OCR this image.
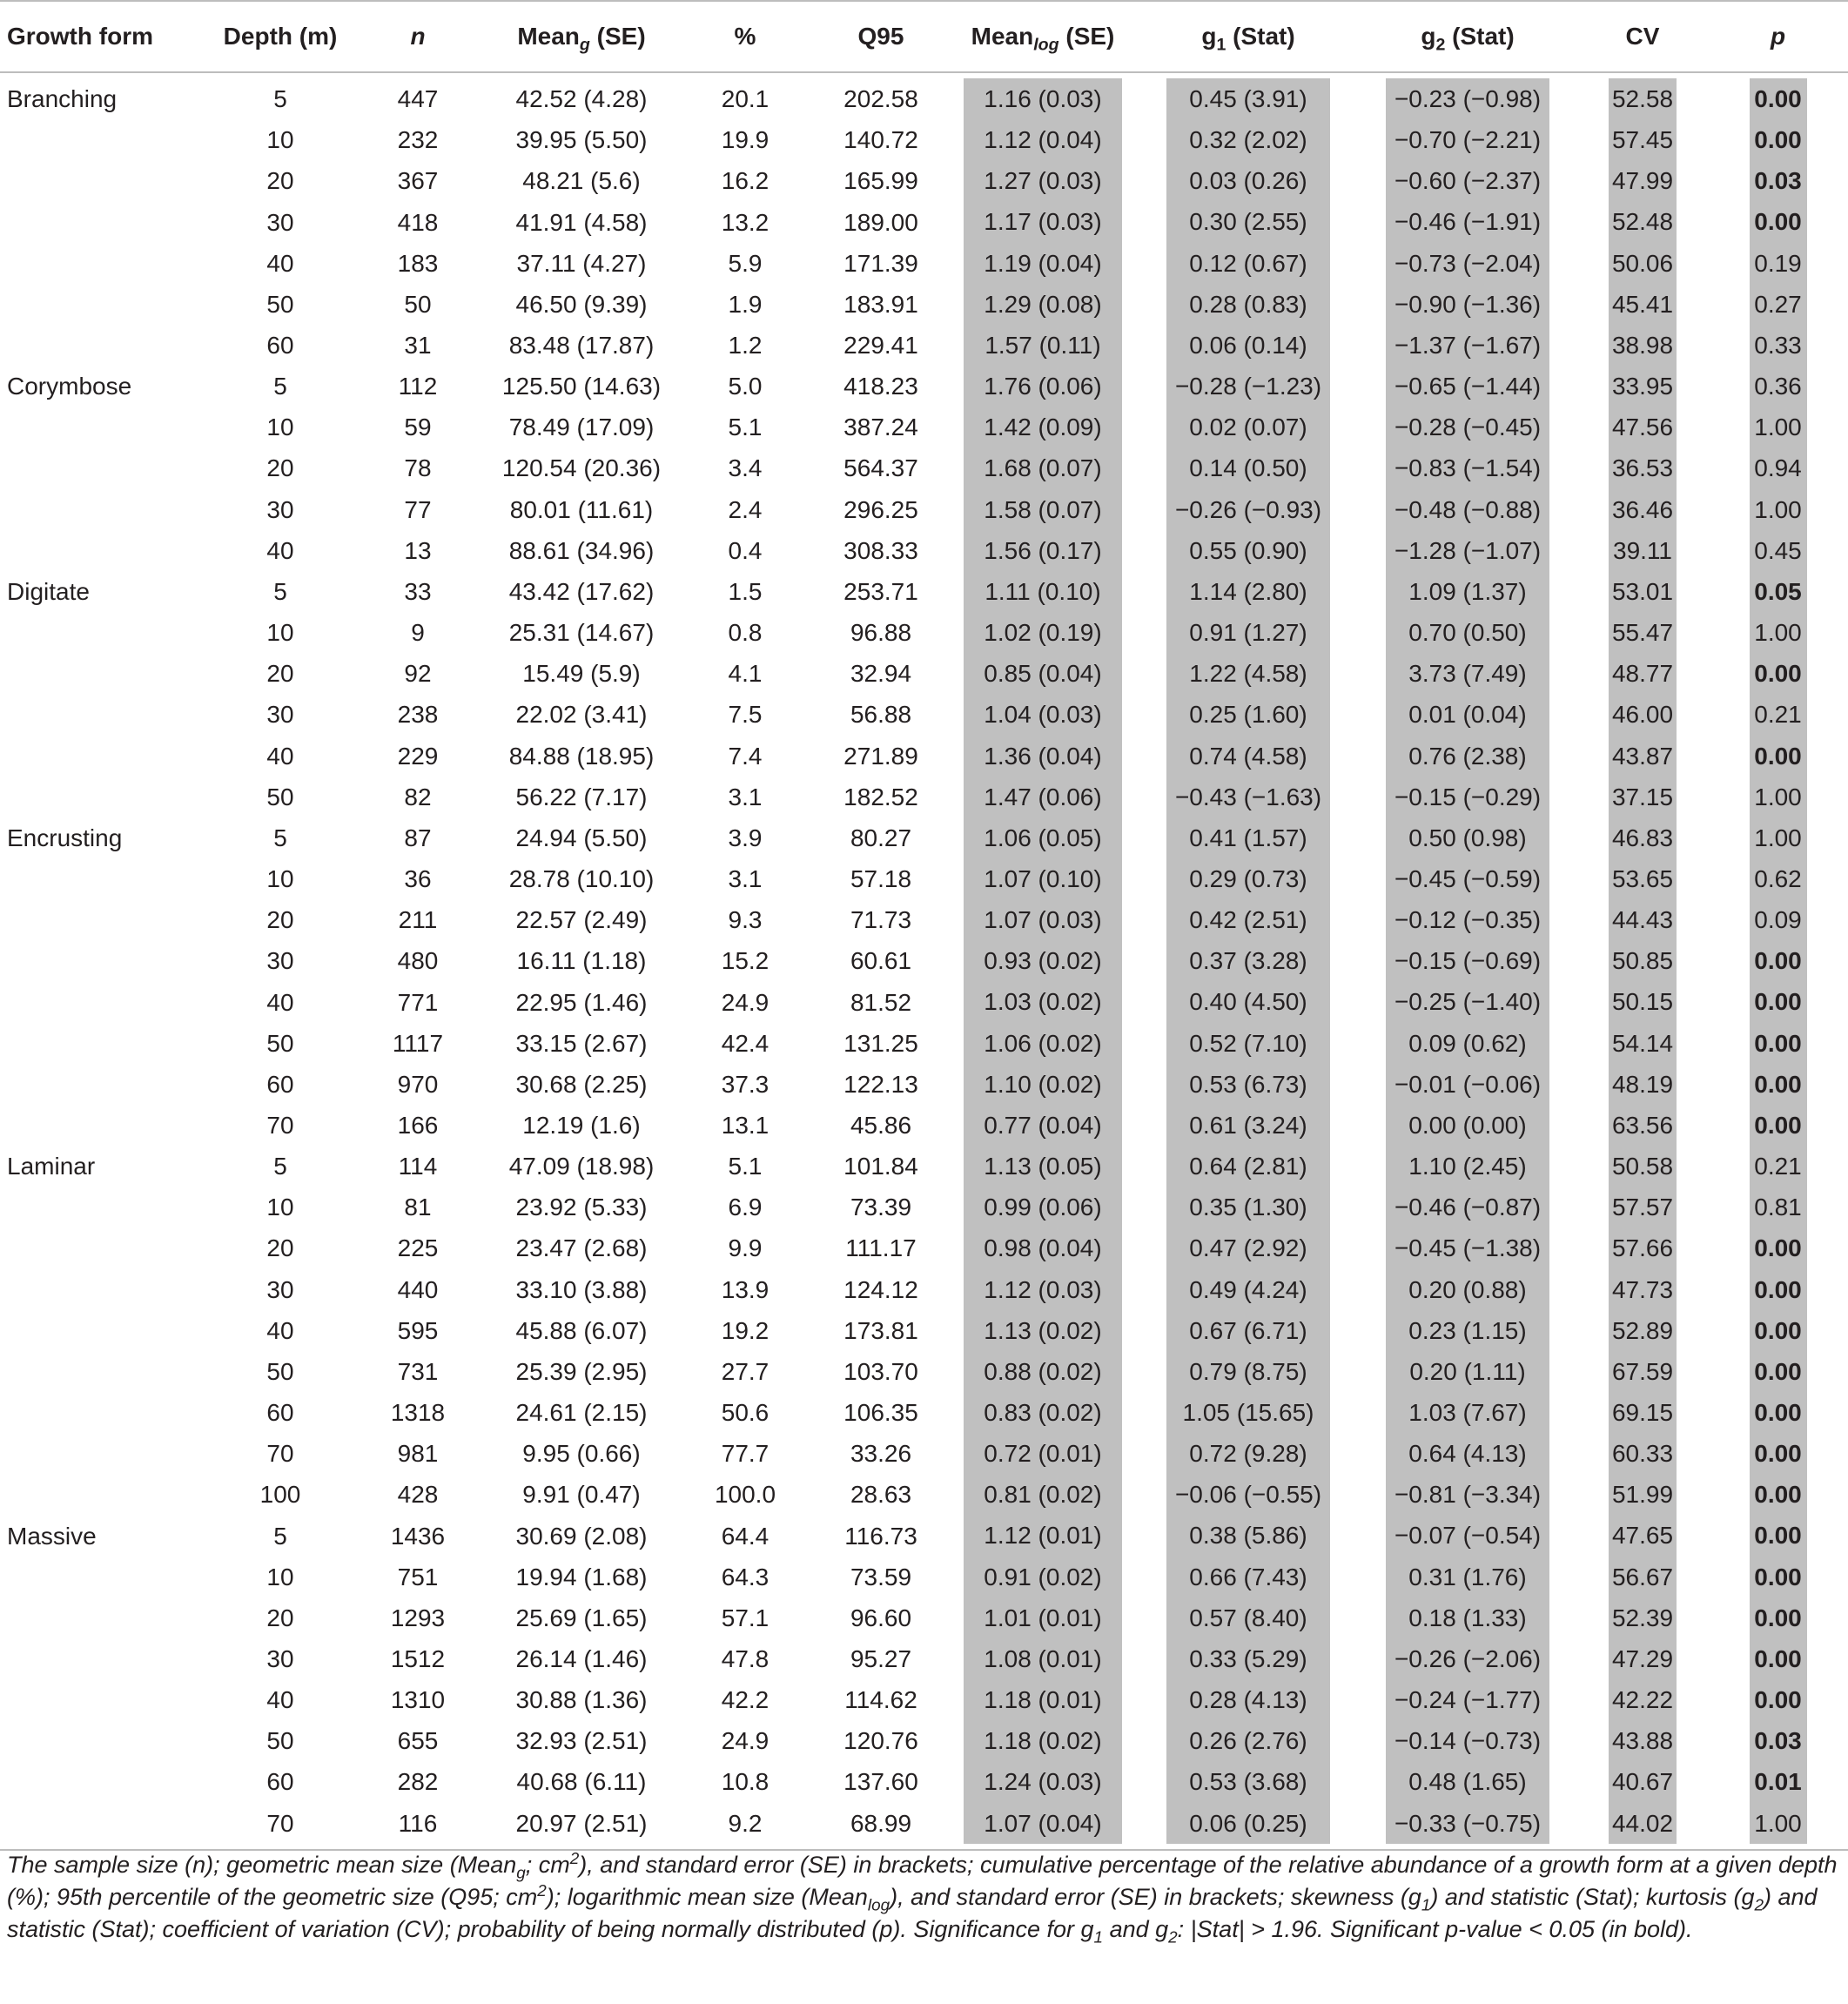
Growth form	Depth (m)	n	Mean$_g$ (SE)	%	Q95	Mean$_{log}$ (SE)	$g_1$ (Stat)	$g_2$ (Stat)	CV	p
Branching	5	447	42.52 (4.28)	20.1	202.58	1.16 (0.03)	0.45 (3.91)	−0.23 (−0.98)	52.58	0.00

	10	232	39.95 (5.50)	19.9	140.72	1.12 (0.04)	0.32 (2.02)	−0.70 (−2.21)	57.45	0.00

	20	367	48.21 (5.6)	16.2	165.99	1.27 (0.03)	0.03 (0.26)	−0.60 (−2.37)	47.99	0.03

	30	418	41.91 (4.58)	13.2	189.00	1.17 (0.03)	0.30 (2.55)	−0.46 (−1.91)	52.48	0.00

	40	183	37.11 (4.27)	5.9	171.39	1.19 (0.04)	0.12 (0.67)	−0.73 (−2.04)	50.06	0.19

	50	50	46.50 (9.39)	1.9	183.91	1.29 (0.08)	0.28 (0.83)	−0.90 (−1.36)	45.41	0.27

	60	31	83.48 (17.87)	1.2	229.41	1.57 (0.11)	0.06 (0.14)	−1.37 (−1.67)	38.98	0.33

Corymbose	5	112	125.50 (14.63)	5.0	418.23	1.76 (0.06)	−0.28 (−1.23)	−0.65 (−1.44)	33.95	0.36

	10	59	78.49 (17.09)	5.1	387.24	1.42 (0.09)	0.02 (0.07)	−0.28 (−0.45)	47.56	1.00

	20	78	120.54 (20.36)	3.4	564.37	1.68 (0.07)	0.14 (0.50)	−0.83 (−1.54)	36.53	0.94

	30	77	80.01 (11.61)	2.4	296.25	1.58 (0.07)	−0.26 (−0.93)	−0.48 (−0.88)	36.46	1.00

	40	13	88.61 (34.96)	0.4	308.33	1.56 (0.17)	0.55 (0.90)	−1.28 (−1.07)	39.11	0.45

Digitate	5	33	43.42 (17.62)	1.5	253.71	1.11 (0.10)	1.14 (2.80)	1.09 (1.37)	53.01	0.05

	10	9	25.31 (14.67)	0.8	96.88	1.02 (0.19)	0.91 (1.27)	0.70 (0.50)	55.47	1.00

	20	92	15.49 (5.9)	4.1	32.94	0.85 (0.04)	1.22 (4.58)	3.73 (7.49)	48.77	0.00

	30	238	22.02 (3.41)	7.5	56.88	1.04 (0.03)	0.25 (1.60)	0.01 (0.04)	46.00	0.21

	40	229	84.88 (18.95)	7.4	271.89	1.36 (0.04)	0.74 (4.58)	0.76 (2.38)	43.87	0.00

	50	82	56.22 (7.17)	3.1	182.52	1.47 (0.06)	−0.43 (−1.63)	−0.15 (−0.29)	37.15	1.00

Encrusting	5	87	24.94 (5.50)	3.9	80.27	1.06 (0.05)	0.41 (1.57)	0.50 (0.98)	46.83	1.00

	10	36	28.78 (10.10)	3.1	57.18	1.07 (0.10)	0.29 (0.73)	−0.45 (−0.59)	53.65	0.62

	20	211	22.57 (2.49)	9.3	71.73	1.07 (0.03)	0.42 (2.51)	−0.12 (−0.35)	44.43	0.09

	30	480	16.11 (1.18)	15.2	60.61	0.93 (0.02)	0.37 (3.28)	−0.15 (−0.69)	50.85	0.00

	40	771	22.95 (1.46)	24.9	81.52	1.03 (0.02)	0.40 (4.50)	−0.25 (−1.40)	50.15	0.00

	50	1117	33.15 (2.67)	42.4	131.25	1.06 (0.02)	0.52 (7.10)	0.09 (0.62)	54.14	0.00

	60	970	30.68 (2.25)	37.3	122.13	1.10 (0.02)	0.53 (6.73)	−0.01 (−0.06)	48.19	0.00

	70	166	12.19 (1.6)	13.1	45.86	0.77 (0.04)	0.61 (3.24)	0.00 (0.00)	63.56	0.00

Laminar	5	114	47.09 (18.98)	5.1	101.84	1.13 (0.05)	0.64 (2.81)	1.10 (2.45)	50.58	0.21

	10	81	23.92 (5.33)	6.9	73.39	0.99 (0.06)	0.35 (1.30)	−0.46 (−0.87)	57.57	0.81

	20	225	23.47 (2.68)	9.9	111.17	0.98 (0.04)	0.47 (2.92)	−0.45 (−1.38)	57.66	0.00

	30	440	33.10 (3.88)	13.9	124.12	1.12 (0.03)	0.49 (4.24)	0.20 (0.88)	47.73	0.00

	40	595	45.88 (6.07)	19.2	173.81	1.13 (0.02)	0.67 (6.71)	0.23 (1.15)	52.89	0.00

	50	731	25.39 (2.95)	27.7	103.70	0.88 (0.02)	0.79 (8.75)	0.20 (1.11)	67.59	0.00

	60	1318	24.61 (2.15)	50.6	106.35	0.83 (0.02)	1.05 (15.65)	1.03 (7.67)	69.15	0.00

	70	981	9.95 (0.66)	77.7	33.26	0.72 (0.01)	0.72 (9.28)	0.64 (4.13)	60.33	0.00

	100	428	9.91 (0.47)	100.0	28.63	0.81 (0.02)	−0.06 (−0.55)	−0.81 (−3.34)	51.99	0.00

Massive	5	1436	30.69 (2.08)	64.4	116.73	1.12 (0.01)	0.38 (5.86)	−0.07 (−0.54)	47.65	0.00

	10	751	19.94 (1.68)	64.3	73.59	0.91 (0.02)	0.66 (7.43)	0.31 (1.76)	56.67	0.00

	20	1293	25.69 (1.65)	57.1	96.60	1.01 (0.01)	0.57 (8.40)	0.18 (1.33)	52.39	0.00

	30	1512	26.14 (1.46)	47.8	95.27	1.08 (0.01)	0.33 (5.29)	−0.26 (−2.06)	47.29	0.00

	40	1310	30.88 (1.36)	42.2	114.62	1.18 (0.01)	0.28 (4.13)	−0.24 (−1.77)	42.22	0.00

	50	655	32.93 (2.51)	24.9	120.76	1.18 (0.02)	0.26 (2.76)	−0.14 (−0.73)	43.88	0.03

	60	282	40.68 (6.11)	10.8	137.60	1.24 (0.03)	0.53 (3.68)	0.48 (1.65)	40.67	0.01

	70	116	20.97 (2.51)	9.2	68.99	1.07 (0.04)	0.06 (0.25)	−0.33 (−0.75)	44.02	1.00
The sample size (n); geometric mean size (Mean$_g$; $cm^2$), and standard error (SE) in brackets; cumulative percentage of the relative abundance of a growth form at a given depth (%); 95th percentile of the geometric size (Q95; $cm^2$); logarithmic mean size (Mean$_{log}$), and standard error (SE) in brackets; skewness $(g_1)$ and statistic (Stat); kurtosis $(g_2)$ and statistic (Stat); coefficient of variation (CV); probability of being normally distributed (p). Significance for $g_1$ and $g_2$: |Stat| > 1.96. Significant p-value < 0.05 (in bold).
